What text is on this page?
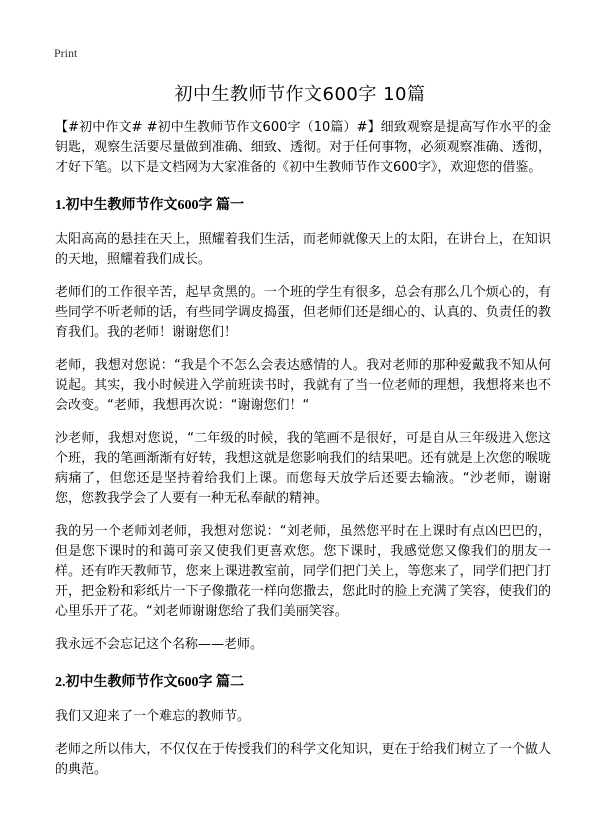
Print
初中生教师节作文600字 10篇

【#初中作文# #初中生教师节作文600字（10篇）#】细致观察是提高写作水平的金钥匙，观察生活要尽量做到准确、细致、透彻。对于任何事物，必须观察准确、透彻，才好下笔。以下是文档网为大家准备的《初中生教师节作文600字》，欢迎您的借鉴。

1.初中生教师节作文600字 篇一

太阳高高的悬挂在天上，照耀着我们生活，而老师就像天上的太阳，在讲台上，在知识的天地，照耀着我们成长。

老师们的工作很辛苦，起早贪黑的。一个班的学生有很多，总会有那么几个烦心的，有些同学不听老师的话，有些同学调皮捣蛋，但老师们还是细心的、认真的、负责任的教育我们。我的老师！谢谢您们！

老师，我想对您说：“我是个不怎么会表达感情的人。我对老师的那种爱戴我不知从何说起。其实，我小时候进入学前班读书时，我就有了当一位老师的理想，我想将来也不会改变。“老师，我想再次说：“谢谢您们！“

沙老师，我想对您说，“二年级的时候，我的笔画不是很好，可是自从三年级进入您这个班，我的笔画渐渐有好转，我想这就是您影响我们的结果吧。还有就是上次您的喉咙病痛了，但您还是坚持着给我们上课。而您每天放学后还要去输液。“沙老师，谢谢您，您教我学会了人要有一种无私奉献的精神。

我的另一个老师刘老师，我想对您说：“刘老师，虽然您平时在上课时有点凶巴巴的，但是您下课时的和蔼可亲又使我们更喜欢您。您下课时，我感觉您又像我们的朋友一样。还有昨天教师节，您来上课进教室前，同学们把门关上，等您来了，同学们把门打开，把金粉和彩纸片一下子像撒花一样向您撒去，您此时的脸上充满了笑容，使我们的心里乐开了花。“刘老师谢谢您给了我们美丽笑容。

我永远不会忘记这个名称——老师。

2.初中生教师节作文600字 篇二

我们又迎来了一个难忘的教师节。

老师之所以伟大，不仅仅在于传授我们的科学文化知识，更在于给我们树立了一个做人的典范。
